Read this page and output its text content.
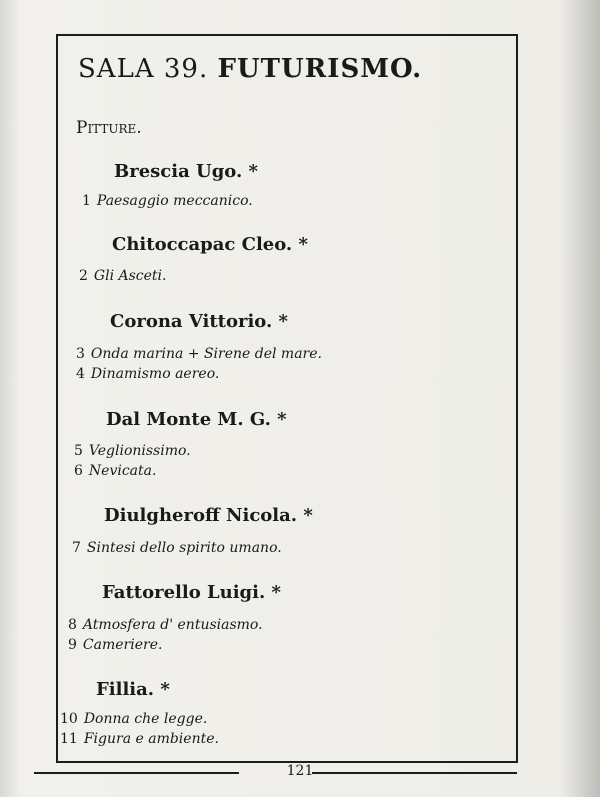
SALA 39. FUTURISMO.
Pitture.
Brescia Ugo. *
1 Paesaggio meccanico.
Chitoccapac Cleo. *
2 Gli Asceti.
Corona Vittorio. *
3 Onda marina + Sirene del mare.
4 Dinamismo aereo.
Dal Monte M. G. *
5 Veglionissimo.
6 Nevicata.
Diulgheroff Nicola. *
7 Sintesi dello spirito umano.
Fattorello Luigi. *
8 Atmosfera d' entusiasmo.
9 Cameriere.
Fillia. *
10 Donna che legge.
11 Figura e ambiente.
121
